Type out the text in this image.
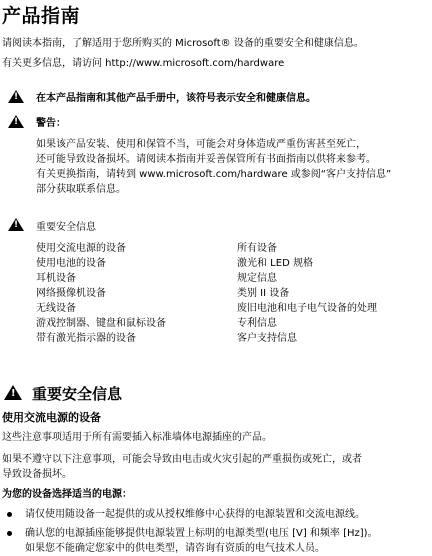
产品指南
请阅读本指南，了解适用于您所购买的 Microsoft® 设备的重要安全和健康信息。
有关更多信息，请访问 http://www.microsoft.com/hardware
!
在本产品指南和其他产品手册中，该符号表示安全和健康信息。
!
警告：
如果该产品安装、使用和保管不当，可能会对身体造成严重伤害甚至死亡，
还可能导致设备损坏。请阅读本指南并妥善保管所有书面指南以供将来参考。
有关更换指南，请转到 www.microsoft.com/hardware 或参阅“客户支持信息”
部分获取联系信息。
!
重要安全信息
使用交流电源的设备
使用电池的设备
耳机设备
网络摄像机设备
无线设备
游戏控制器、键盘和鼠标设备
带有激光指示器的设备
所有设备
激光和 LED 规格
规定信息
类别 II 设备
废旧电池和电子电气设备的处理
专利信息
客户支持信息
!
重要安全信息
使用交流电源的设备
这些注意事项适用于所有需要插入标准墙体电源插座的产品。
如果不遵守以下注意事项，可能会导致由电击或火灾引起的严重损伤或死亡，或者
导致设备损坏。
为您的设备选择适当的电源：
请仅使用随设备一起提供的或从授权维修中心获得的电源装置和交流电源线。
确认您的电源插座能够提供电源装置上标明的电源类型(电压 [V] 和频率 [Hz])。
如果您不能确定您家中的供电类型，请咨询有资质的电气技术人员。
